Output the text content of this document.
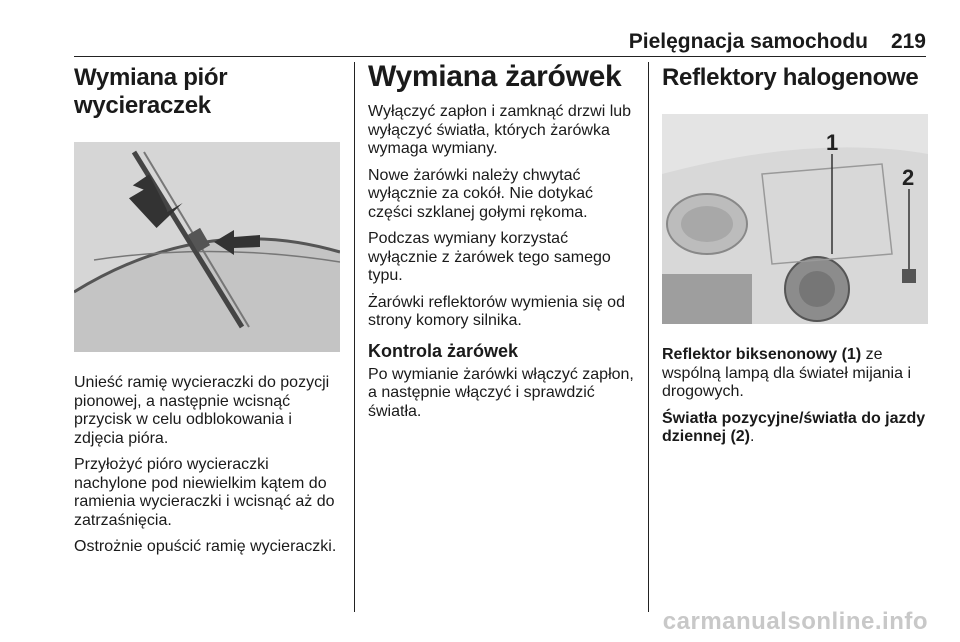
Pielęgnacja samochodu 219
Wymiana piór wycieraczek

Unieść ramię wycieraczki do pozycji pionowej, a następnie wcisnąć przycisk w celu odblokowania i zdjęcia pióra.

Przyłożyć pióro wycieraczki nachylone pod niewielkim kątem do ramienia wycieraczki i wcisnąć aż do zatrzaśnięcia.

Ostrożnie opuścić ramię wycieraczki.

Wymiana żarówek

Wyłączyć zapłon i zamknąć drzwi lub wyłączyć światła, których żarówka wymaga wymiany.

Nowe żarówki należy chwytać wyłącznie za cokół. Nie dotykać części szklanej gołymi rękoma.

Podczas wymiany korzystać wyłącznie z żarówek tego samego typu.

Żarówki reflektorów wymienia się od strony komory silnika.

Kontrola żarówek

Po wymianie żarówki włączyć zapłon, a następnie włączyć i sprawdzić światła.

Reflektory halogenowe
1
2

Reflektor biksenonowy (1) ze wspólną lampą dla świateł mijania i drogowych.

Światła pozycyjne/światła do jazdy dziennej (2).

carmanualsonline.info
